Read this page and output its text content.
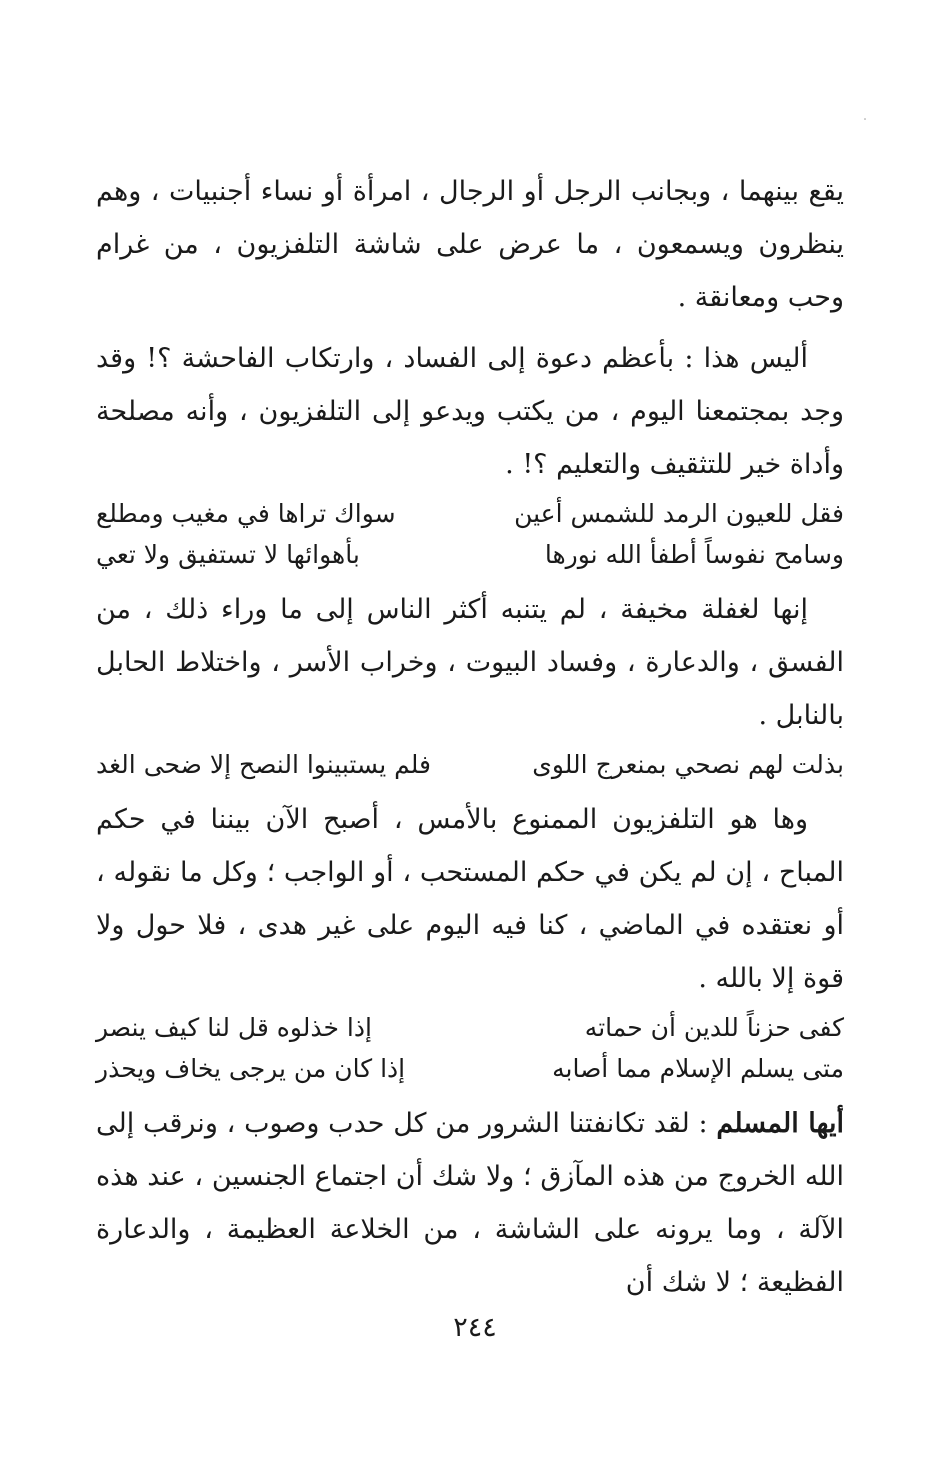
يقع بينهما ، وبجانب الرجل أو الرجال ، امرأة أو نساء أجنبيات ، وهم ينظرون ويسمعون ، ما عرض على شاشة التلفزيون ، من غرام وحب ومعانقة .

أليس هذا : بأعظم دعوة إلى الفساد ، وارتكاب الفاحشة ؟! وقد وجد بمجتمعنا اليوم ، من يكتب ويدعو إلى التلفزيون ، وأنه مصلحة وأداة خير للتثقيف والتعليم ؟! .

فقل للعيون الرمد للشمس أعين
سواك تراها في مغيب ومطلع
وسامح نفوساً أطفأ الله نورها
بأهوائها لا تستفيق ولا تعي

إنها لغفلة مخيفة ، لم يتنبه أكثر الناس إلى ما وراء ذلك ، من الفسق ، والدعارة ، وفساد البيوت ، وخراب الأسر ، واختلاط الحابل بالنابل .

بذلت لهم نصحي بمنعرج اللوى
فلم يستبينوا النصح إلا ضحى الغد

وها هو التلفزيون الممنوع بالأمس ، أصبح الآن بيننا في حكم المباح ، إن لم يكن في حكم المستحب ، أو الواجب ؛ وكل ما نقوله ، أو نعتقده في الماضي ، كنا فيه اليوم على غير هدى ، فلا حول ولا قوة إلا بالله .

كفى حزناً للدين أن حماته
إذا خذلوه قل لنا كيف ينصر
متى يسلم الإسلام مما أصابه
إذا كان من يرجى يخاف ويحذر

أيها المسلم : لقد تكانفتنا الشرور من كل حدب وصوب ، ونرقب إلى الله الخروج من هذه المآزق ؛ ولا شك أن اجتماع الجنسين ، عند هذه الآلة ، وما يرونه على الشاشة ، من الخلاعة العظيمة ، والدعارة الفظيعة ؛ لا شك أن

٢٤٤
